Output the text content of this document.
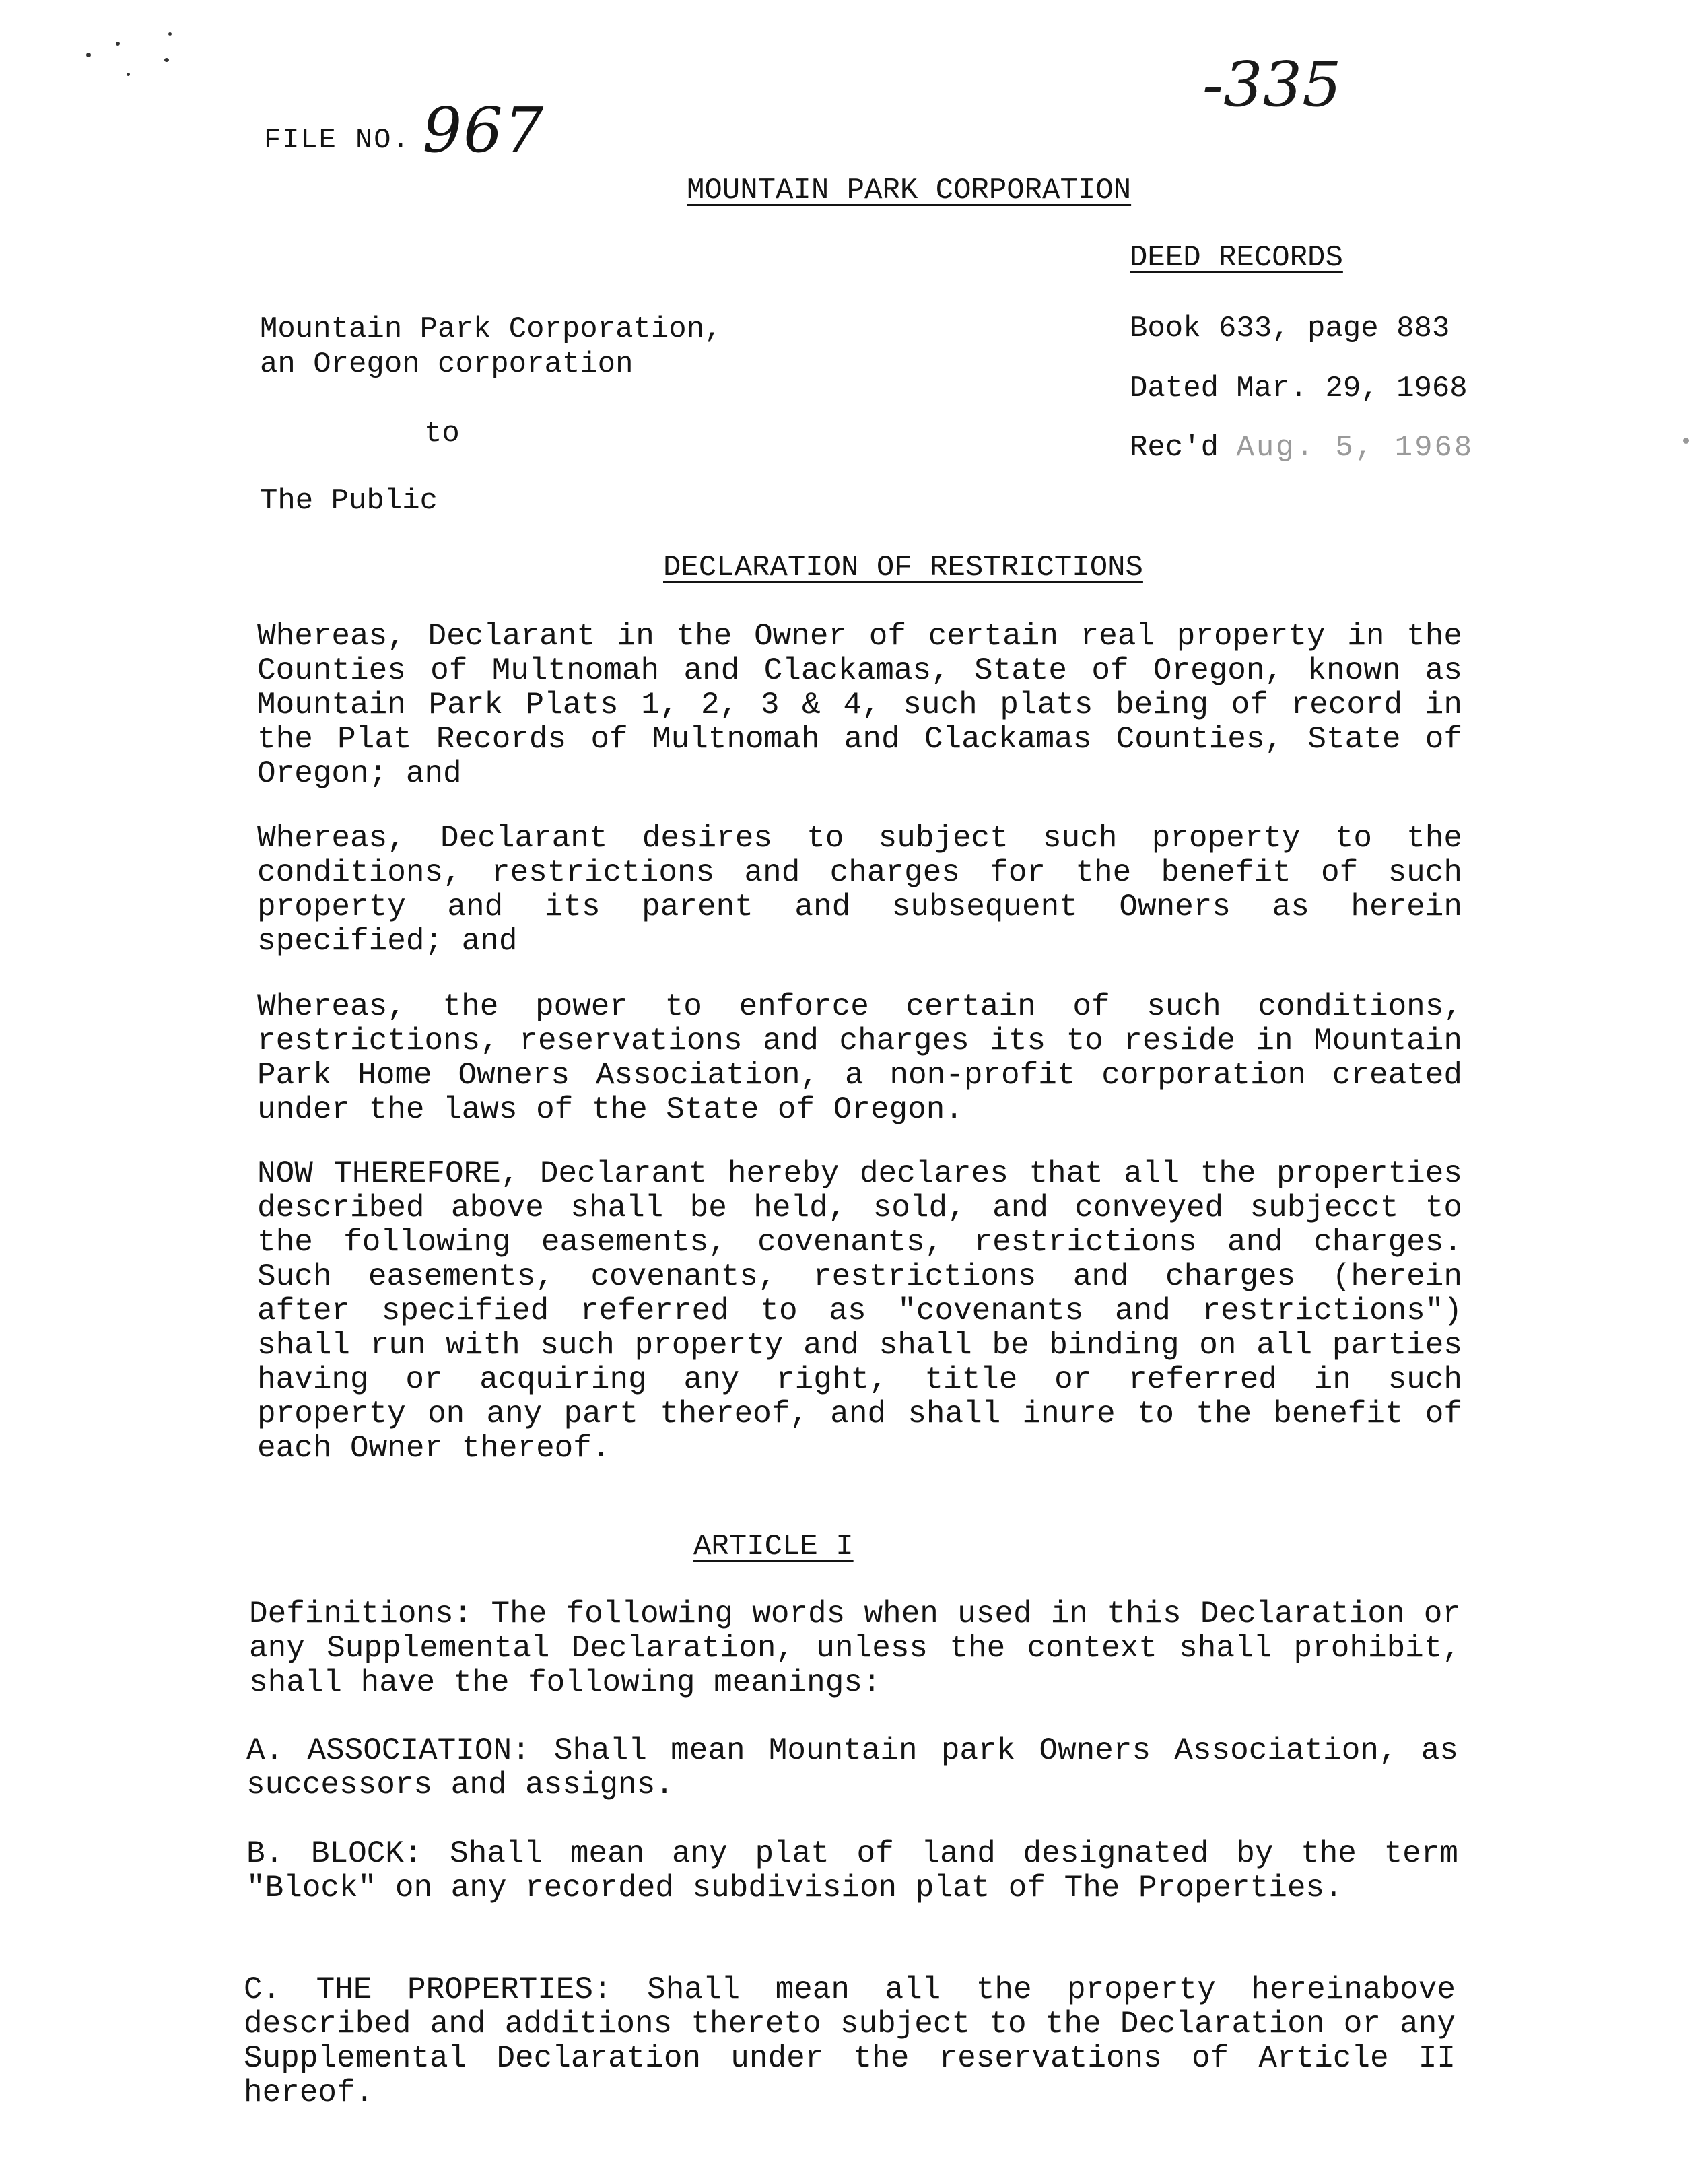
FILE NO. 967
-335
MOUNTAIN PARK CORPORATION
DEED RECORDS
Mountain Park Corporation,
an Oregon corporation
to
The Public
Book 633, page 883
Dated Mar. 29, 1968
Rec'd Aug. 5, 1968
DECLARATION OF RESTRICTIONS

Whereas, Declarant in the Owner of certain real property in the Counties of Multnomah and Clackamas, State of Oregon, known as Mountain Park Plats 1, 2, 3 & 4, such plats being of record in the Plat Records of Multnomah and Clackamas Counties, State of Oregon; and

Whereas, Declarant desires to subject such property to the conditions, restrictions and charges for the benefit of such property and its parent and subsequent Owners as herein specified; and

Whereas, the power to enforce certain of such conditions, restrictions, reservations and charges its to reside in Mountain Park Home Owners Association, a non-profit corporation created under the laws of the State of Oregon.

NOW THEREFORE, Declarant hereby declares that all the properties described above shall be held, sold, and conveyed subjecct to the following easements, covenants, restrictions and charges. Such easements, covenants, restrictions and charges (herein after specified referred to as "covenants and restrictions") shall run with such property and shall be binding on all parties having or acquiring any right, title or referred in such property on any part thereof, and shall inure to the benefit of each Owner thereof.

ARTICLE I

Definitions: The following words when used in this Declaration or any Supplemental Declaration, unless the context shall prohibit, shall have the following meanings:

A. ASSOCIATION: Shall mean Mountain park Owners Association, as successors and assigns.

B. BLOCK: Shall mean any plat of land designated by the term "Block" on any recorded subdivision plat of The Properties.

C. THE PROPERTIES: Shall mean all the property hereinabove described and additions thereto subject to the Declaration or any Supplemental Declaration under the reservations of Article II hereof.
